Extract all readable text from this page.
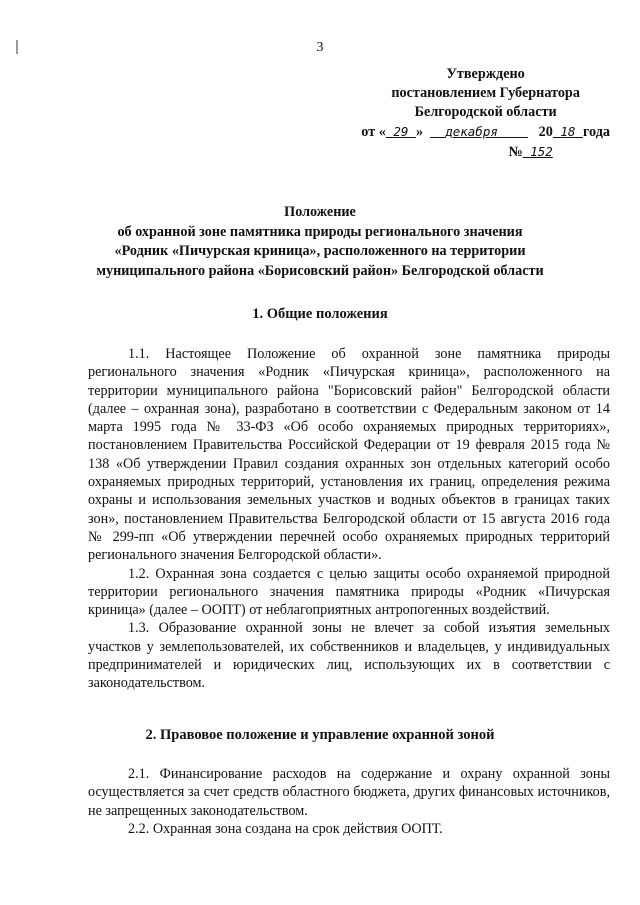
3
Утверждено
постановлением Губернатора
Белгородской области
от « 29 » декабря	20 18 года
№ 152
Положение
об охранной зоне памятника природы регионального значения
«Родник «Пичурская криница», расположенного на территории
муниципального района «Борисовский район» Белгородской области
1. Общие положения

1.1. Настоящее Положение об охранной зоне памятника природы регионального значения «Родник «Пичурская криница», расположенного на территории муниципального района "Борисовский район" Белгородской области (далее – охранная зона), разработано в соответствии с Федеральным законом от 14 марта 1995 года № 33-ФЗ «Об особо охраняемых природных территориях», постановлением Правительства Российской Федерации от 19 февраля 2015 года № 138 «Об утверждении Правил создания охранных зон отдельных категорий особо охраняемых природных территорий, установления их границ, определения режима охраны и использования земельных участков и водных объектов в границах таких зон», постановлением Правительства Белгородской области от 15 августа 2016 года № 299-пп «Об утверждении перечней особо охраняемых природных территорий регионального значения Белгородской области».

1.2. Охранная зона создается с целью защиты особо охраняемой природной территории регионального значения памятника природы «Родник «Пичурская криница» (далее – ООПТ) от неблагоприятных антропогенных воздействий.

1.3. Образование охранной зоны не влечет за собой изъятия земельных участков у землепользователей, их собственников и владельцев, у индивидуальных предпринимателей и юридических лиц, использующих их в соответствии с законодательством.

2. Правовое положение и управление охранной зоной

2.1. Финансирование расходов на содержание и охрану охранной зоны осуществляется за счет средств областного бюджета, других финансовых источников, не запрещенных законодательством.

2.2. Охранная зона создана на срок действия ООПТ.
